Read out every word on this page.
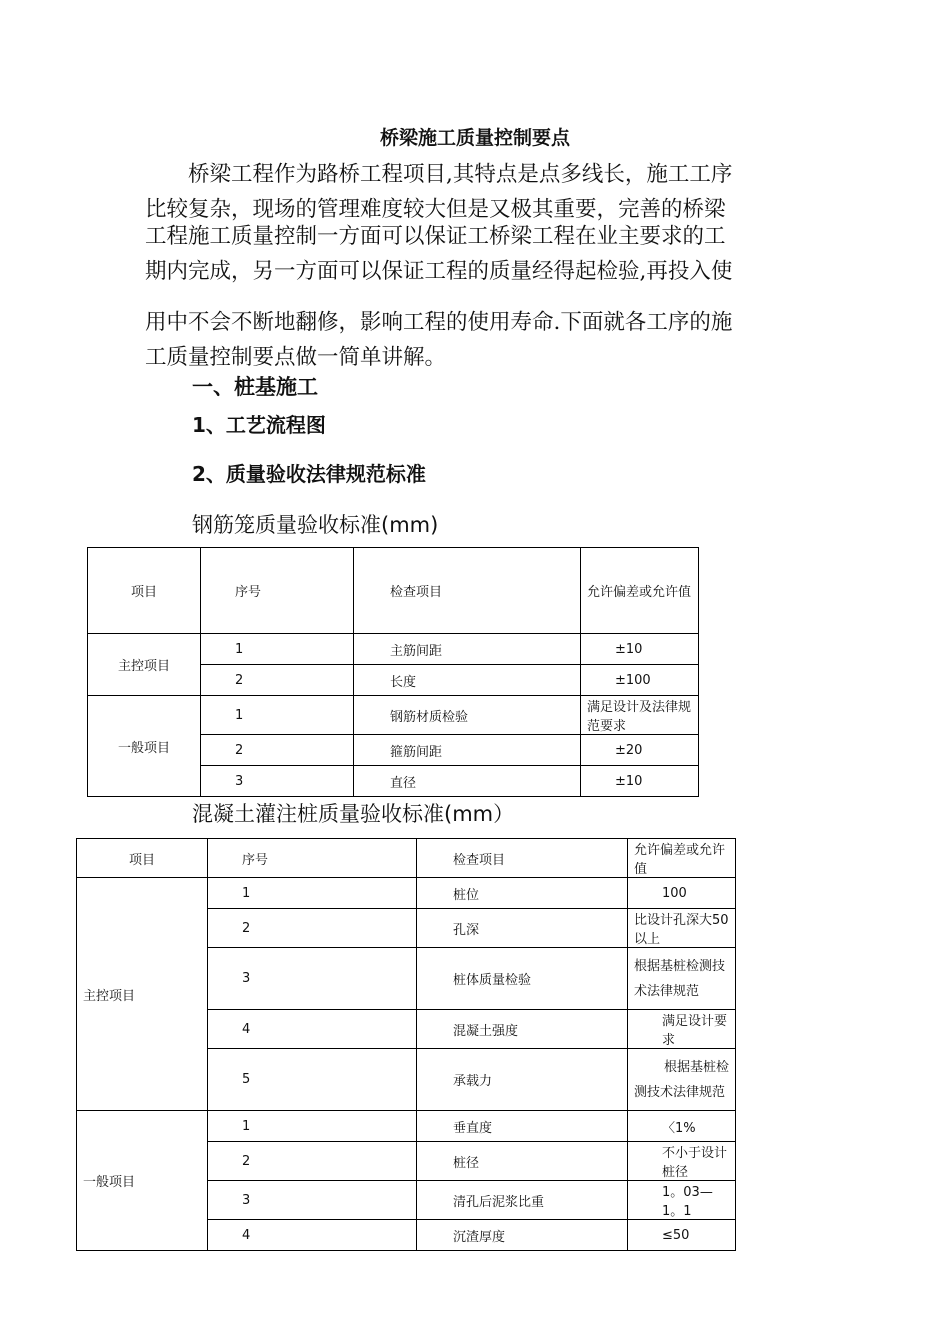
桥梁施工质量控制要点
　　桥梁工程作为路桥工程项目,其特点是点多线长，施工工序
比较复杂，现场的管理难度较大但是又极其重要，完善的桥梁
工程施工质量控制一方面可以保证工桥梁工程在业主要求的工
期内完成，另一方面可以保证工程的质量经得起检验,再投入使
用中不会不断地翻修，影响工程的使用寿命.下面就各工序的施
工质量控制要点做一简单讲解。
一、桩基施工
1、工艺流程图
2、质量验收法律规范标准
钢筋笼质量验收标准(mm)
项目	序号	检查项目	允许偏差或允许值
主控项目	1	主筋间距	±10
	2	长度	±100
一般项目	1	钢筋材质检验	满足设计及法律规范要求
	2	箍筋间距	±20
	3	直径	±10
混凝土灌注桩质量验收标准(mm）
项目	序号	检查项目	允许偏差或允许值
主控项目	1	桩位	100
	2	孔深	比设计孔深大50以上
	3	桩体质量检验	根据基桩检测技术法律规范
	4	混凝土强度	满足设计要求
	5	承载力	根据基桩检测技术法律规范
一般项目	1	垂直度	〈1%
	2	桩径	不小于设计桩径
	3	清孔后泥浆比重	1。03—1。1
	4	沉渣厚度	≤50
